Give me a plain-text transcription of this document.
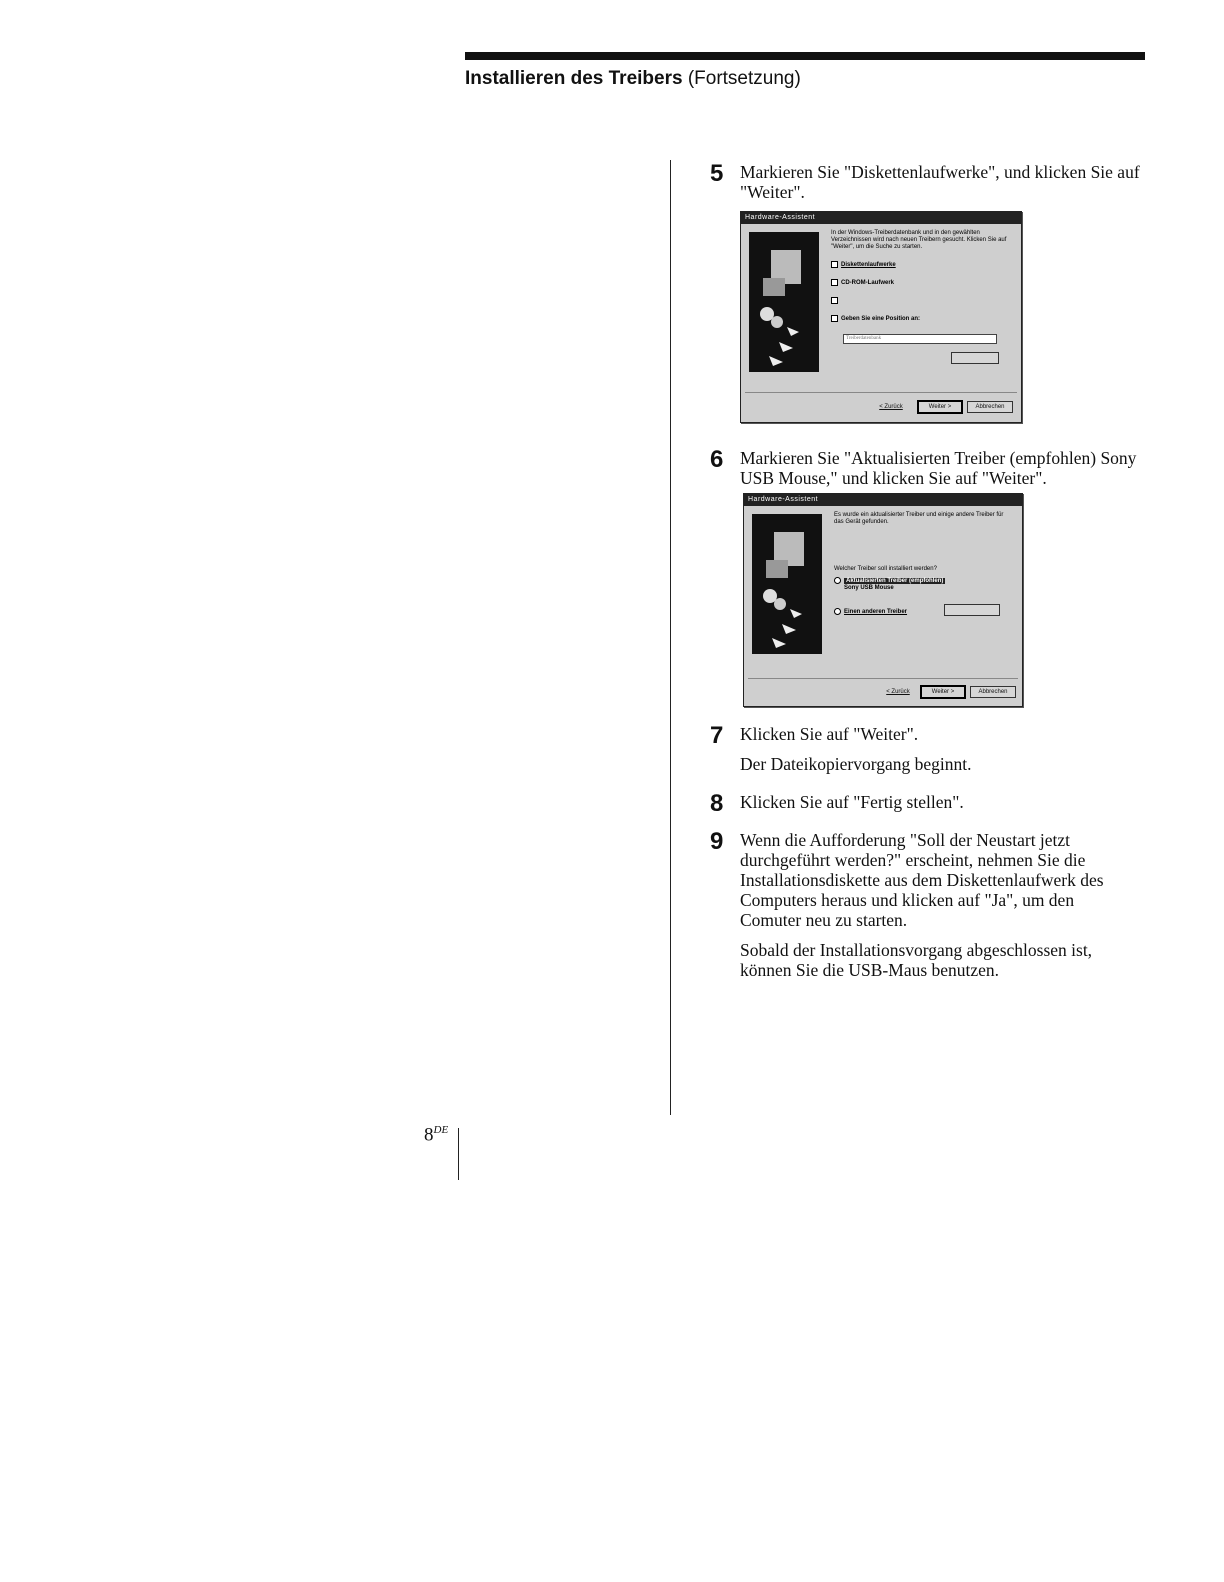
Installieren des Treibers (Fortsetzung)
5 Markieren Sie "Diskettenlaufwerke", und klicken Sie auf "Weiter".
Hardware-Assistent
In der Windows-Treiberdatenbank und in den gewählten Verzeichnissen wird nach neuen Treibern gesucht. Klicken Sie auf "Weiter", um die Suche zu starten.
Diskettenlaufwerke
CD-ROM-Laufwerk
Geben Sie eine Position an:
Treiberdatenbank
< Zurück	Weiter >	Abbrechen
6 Markieren Sie "Aktualisierten Treiber (empfohlen) Sony USB Mouse," und klicken Sie auf "Weiter".
Hardware-Assistent
Es wurde ein aktualisierter Treiber und einige andere Treiber für das Gerät gefunden.
Welcher Treiber soll installiert werden?
Aktualisierten Treiber (empfohlen)
Sony USB Mouse
Einen anderen Treiber
< Zurück	Weiter >	Abbrechen
7 Klicken Sie auf "Weiter".
Der Dateikopiervorgang beginnt.
8 Klicken Sie auf "Fertig stellen".
9 Wenn die Aufforderung "Soll der Neustart jetzt durchgeführt werden?" erscheint, nehmen Sie die Installationsdiskette aus dem Diskettenlaufwerk des Computers heraus und klicken auf "Ja", um den Comuter neu zu starten.
Sobald der Installationsvorgang abgeschlossen ist, können Sie die USB-Maus benutzen.
8DE
